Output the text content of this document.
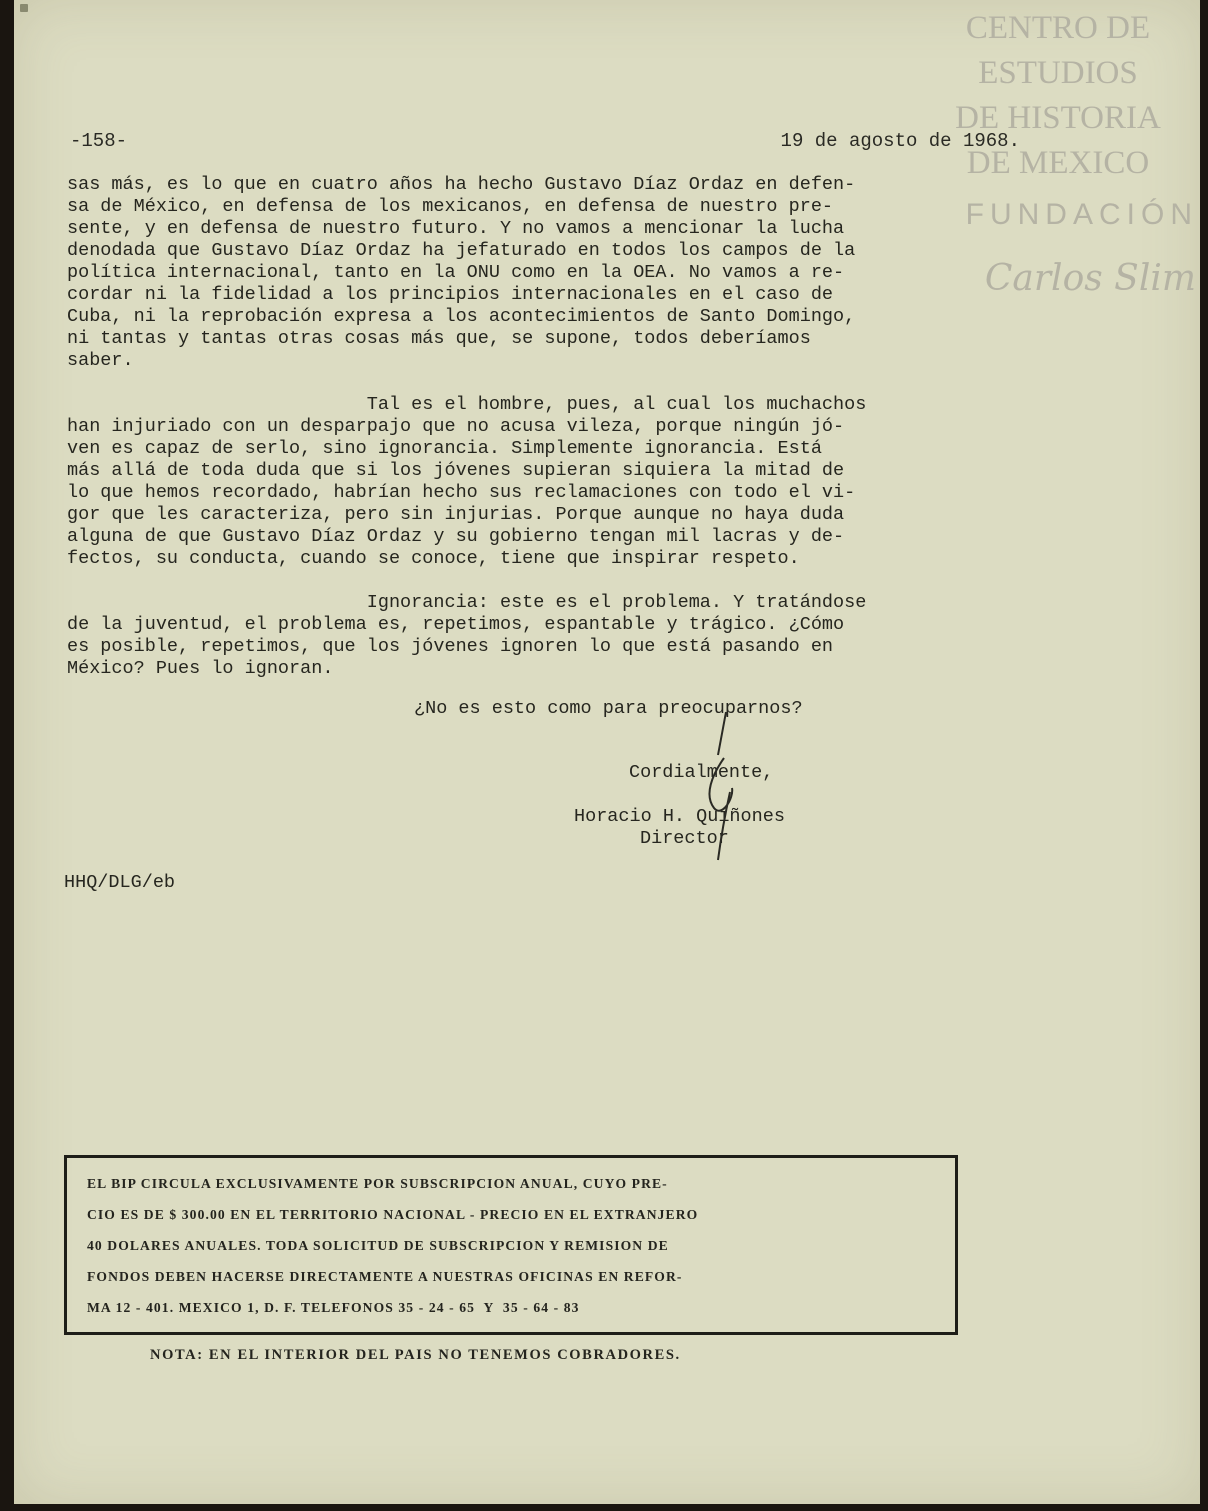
CENTRO DE
ESTUDIOS
DE HISTORIA
DE MEXICO
FUNDACIÓN
Carlos Slim
-158-	19 de agosto de 1968.

sas más, es lo que en cuatro años ha hecho Gustavo Díaz Ordaz en defen-

sa de México, en defensa de los mexicanos, en defensa de nuestro pre-

sente, y en defensa de nuestro futuro. Y no vamos a mencionar la lucha

denodada que Gustavo Díaz Ordaz ha jefaturado en todos los campos de la

política internacional, tanto en la ONU como en la OEA. No vamos a re-

cordar ni la fidelidad a los principios internacionales en el caso de

Cuba, ni la reprobación expresa a los acontecimientos de Santo Domingo,

ni tantas y tantas otras cosas más que, se supone, todos deberíamos

saber.

Tal es el hombre, pues, al cual los muchachos

han injuriado con un desparpajo que no acusa vileza, porque ningún jó-

ven es capaz de serlo, sino ignorancia. Simplemente ignorancia. Está

más allá de toda duda que si los jóvenes supieran siquiera la mitad de

lo que hemos recordado, habrían hecho sus reclamaciones con todo el vi-

gor que les caracteriza, pero sin injurias. Porque aunque no haya duda

alguna de que Gustavo Díaz Ordaz y su gobierno tengan mil lacras y de-

fectos, su conducta, cuando se conoce, tiene que inspirar respeto.

Ignorancia: este es el problema. Y tratándose

de la juventud, el problema es, repetimos, espantable y trágico. ¿Cómo

es posible, repetimos, que los jóvenes ignoren lo que está pasando en

México? Pues lo ignoran.

¿No es esto como para preocuparnos?
Cordialmente,
Horacio H. Quiñones
Director
HHQ/DLG/eb

EL BIP CIRCULA EXCLUSIVAMENTE POR SUBSCRIPCION ANUAL, CUYO PRE-

CIO ES DE $ 300.00 EN EL TERRITORIO NACIONAL - PRECIO EN EL EXTRANJERO

40 DOLARES ANUALES. TODA SOLICITUD DE SUBSCRIPCION Y REMISION DE

FONDOS DEBEN HACERSE DIRECTAMENTE A NUESTRAS OFICINAS EN REFOR-

MA 12 - 401. MEXICO 1, D. F. TELEFONOS 35 - 24 - 65  Y  35 - 64 - 83

NOTA: EN EL INTERIOR DEL PAIS NO TENEMOS COBRADORES.
